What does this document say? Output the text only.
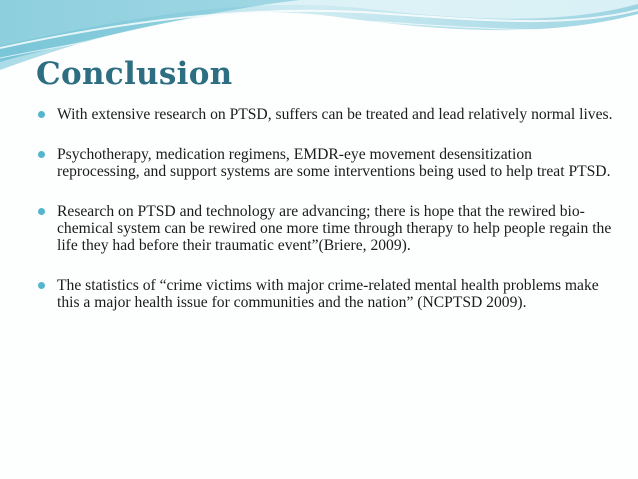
Conclusion
With extensive research on PTSD, suffers can be treated and lead relatively normal lives.
Psychotherapy, medication regimens, EMDR-eye movement desensitization reprocessing, and support systems are some interventions being used to help treat PTSD.
Research on PTSD and technology are advancing; there is hope that the rewired bio-chemical system can be rewired one more time through therapy to help people regain the life they had before their traumatic event”(Briere, 2009).
The statistics of “crime victims with major crime-related mental health problems make this a major health issue for communities and the nation” (NCPTSD 2009).
